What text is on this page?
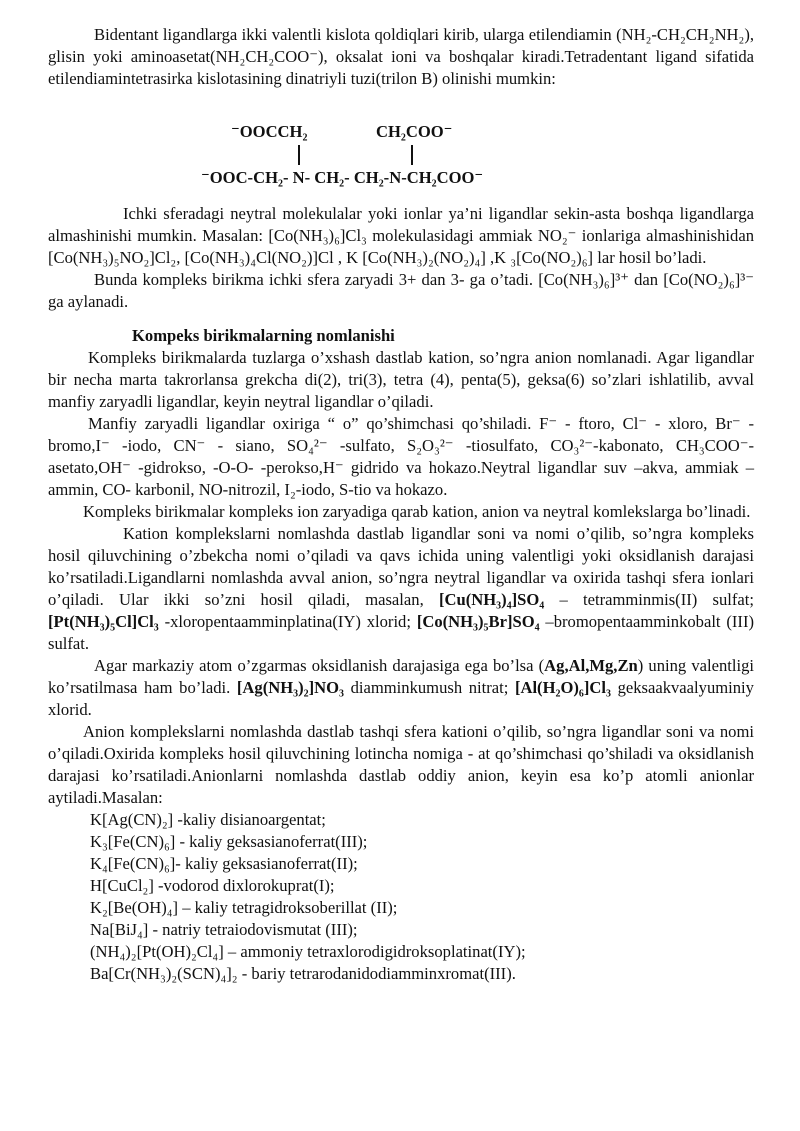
Bidentant ligandlarga ikki valentli kislota qoldiqlari kirib, ularga etilendiamin (NH₂-CH₂CH₂NH₂), glisin yoki aminoasetat(NH₂CH₂COO⁻), oksalat ioni va boshqalar kiradi.Tetradentant ligand sifatida etilendiamintetrasirka kislotasining dinatriyli tuzi(trilon B) olinishi mumkin:

⁻OOCCH₂	CH₂COO⁻
⁻OOC-CH₂- N- CH₂- CH₂-N-CH₂COO⁻

Ichki sferadagi neytral molekulalar yoki ionlar ya’ni ligandlar sekin-asta boshqa ligandlarga almashinishi mumkin. Masalan: [Co(NH₃)₆]Cl₃ molekulasidagi ammiak NO₂⁻ ionlariga almashinishidan [Co(NH₃)₅NO₂]Cl₂, [Co(NH₃)₄Cl(NO₂)]Cl , K [Co(NH₃)₂(NO₂)₄] ,K ₃[Co(NO₂)₆] lar hosil bo’ladi.

Bunda kompleks birikma ichki sfera zaryadi 3+ dan 3- ga o’tadi. [Co(NH₃)₆]³⁺ dan [Co(NO₂)₆]³⁻ ga aylanadi.

Kompeks birikmalarning nomlanishi

Kompleks birikmalarda tuzlarga o’xshash dastlab kation, so’ngra anion nomlanadi. Agar ligandlar bir necha marta takrorlansa grekcha di(2), tri(3), tetra (4), penta(5), geksa(6) so’zlari ishlatilib, avval manfiy zaryadli ligandlar, keyin neytral ligandlar o’qiladi.

Manfiy zaryadli ligandlar oxiriga “ o” qo’shimchasi qo’shiladi. F⁻ - ftoro, Cl⁻ - xloro, Br⁻ - bromo,I⁻ -iodo, CN⁻ - siano, SO₄²⁻ -sulfato, S₂O₃²⁻ -tiosulfato, CO₃²⁻-kabonato, CH₃COO⁻-asetato,OH⁻ -gidrokso, -O-O- -perokso,H⁻ gidrido va hokazo.Neytral ligandlar suv –akva, ammiak – ammin, CO- karbonil, NO-nitrozil, I₂-iodo, S-tio va hokazo.

Kompleks birikmalar kompleks ion zaryadiga qarab kation, anion va neytral komlekslarga bo’linadi.

Kation komplekslarni nomlashda dastlab ligandlar soni va nomi o’qilib, so’ngra kompleks hosil qiluvchining o’zbekcha nomi o’qiladi va qavs ichida uning valentligi yoki oksidlanish darajasi ko’rsatiladi.Ligandlarni nomlashda avval anion, so’ngra neytral ligandlar va oxirida tashqi sfera ionlari o’qiladi. Ular ikki so’zni hosil qiladi, masalan, [Cu(NH₃)₄]SO₄ – tetramminmis(II) sulfat; [Pt(NH₃)₅Cl]Cl₃ -xloropentaamminplatina(IY) xlorid; [Co(NH₃)₅Br]SO₄ –bromopentaamminkobalt (III) sulfat.

Agar markaziy atom o’zgarmas oksidlanish darajasiga ega bo’lsa (Ag,Al,Mg,Zn) uning valentligi ko’rsatilmasa ham bo’ladi. [Ag(NH₃)₂]NO₃ diamminkumush nitrat; [Al(H₂O)₆]Cl₃ geksaakvaalyuminiy xlorid.

Anion komplekslarni nomlashda dastlab tashqi sfera kationi o’qilib, so’ngra ligandlar soni va nomi o’qiladi.Oxirida kompleks hosil qiluvchining lotincha nomiga - at qo’shimchasi qo’shiladi va oksidlanish darajasi ko’rsatiladi.Anionlarni nomlashda dastlab oddiy anion, keyin esa ko’p atomli anionlar aytiladi.Masalan:

K[Ag(CN)₂] -kaliy disianoargentat;
K₃[Fe(CN)₆] - kaliy geksasianoferrat(III);
K₄[Fe(CN)₆]- kaliy geksasianoferrat(II);
H[CuCl₂] -vodorod dixlorokuprat(I);
K₂[Be(OH)₄] – kaliy tetragidroksoberillat (II);
Na[BiJ₄] - natriy tetraiodovismutat (III);
(NH₄)₂[Pt(OH)₂Cl₄] – ammoniy tetraxlorodigidroksoplatinat(IY);
Ba[Cr(NH₃)₂(SCN)₄]₂ - bariy tetrarodanidodiamminxromat(III).
